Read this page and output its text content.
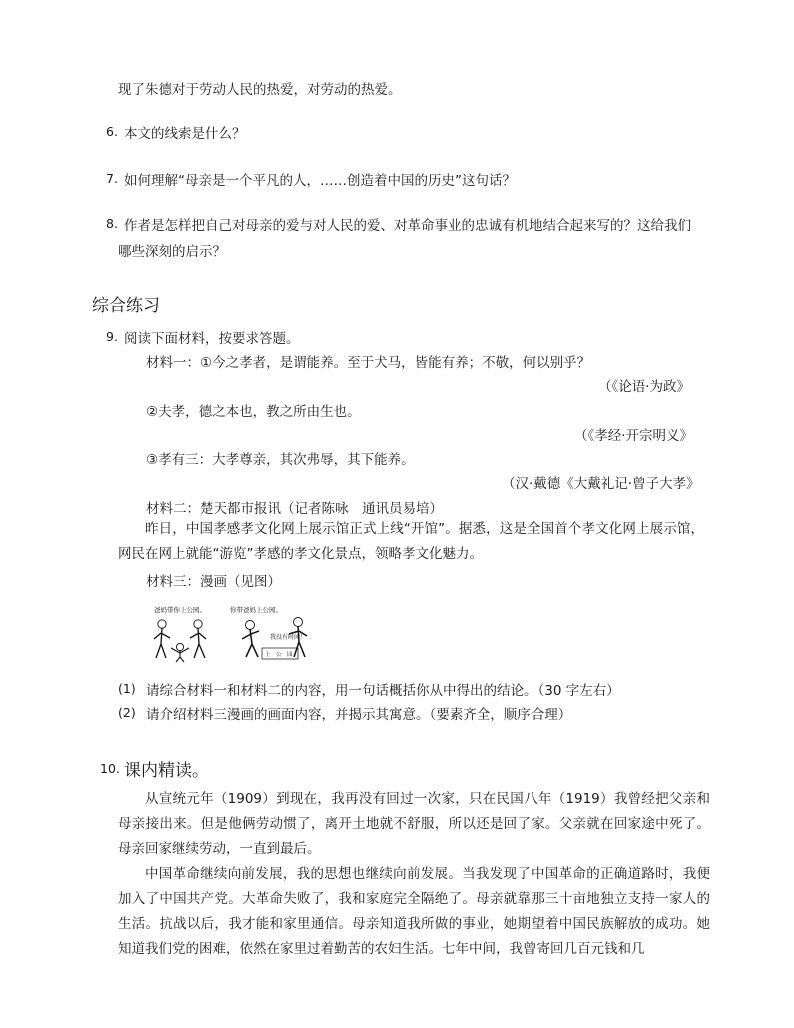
现了朱德对于劳动人民的热爱，对劳动的热爱。
6. 本文的线索是什么？
7. 如何理解“母亲是一个平凡的人，……创造着中国的历史”这句话？
8. 作者是怎样把自己对母亲的爱与对人民的爱、对革命事业的忠诚有机地结合起来写的？这给我们
哪些深刻的启示？
综合练习
9. 阅读下面材料，按要求答题。
材料一：①今之孝者，是谓能养。至于犬马，皆能有养；不敬，何以别乎？
（《论语·为政》
②夫孝，德之本也，教之所由生也。
（《孝经·开宗明义》
③孝有三：大孝尊亲，其次弗辱，其下能养。
（汉·戴德《大戴礼记·曾子大孝》
材料二：楚天都市报讯（记者陈咏　通讯员易培）
昨日，中国孝感孝文化网上展示馆正式上线“开馆”。据悉，这是全国首个孝文化网上展示馆，网民在网上就能“游览”孝感的孝文化景点，领略孝文化魅力。
材料三：漫画（见图）
爸妈带你上公园。	你带爸妈上公园。
我没有时间！
上　公　园
(1) 请综合材料一和材料二的内容，用一句话概括你从中得出的结论。（30 字左右）
(2) 请介绍材料三漫画的画面内容，并揭示其寓意。（要素齐全，顺序合理）
10. 课内精读。
从宣统元年（1909）到现在，我再没有回过一次家，只在民国八年（1919）我曾经把父亲和母亲接出来。但是他俩劳动惯了，离开土地就不舒服，所以还是回了家。父亲就在回家途中死了。母亲回家继续劳动，一直到最后。
中国革命继续向前发展，我的思想也继续向前发展。当我发现了中国革命的正确道路时，我便加入了中国共产党。大革命失败了，我和家庭完全隔绝了。母亲就靠那三十亩地独立支持一家人的生活。抗战以后，我才能和家里通信。母亲知道我所做的事业，她期望着中国民族解放的成功。她知道我们党的困难，依然在家里过着勤苦的农妇生活。七年中间，我曾寄回几百元钱和几
